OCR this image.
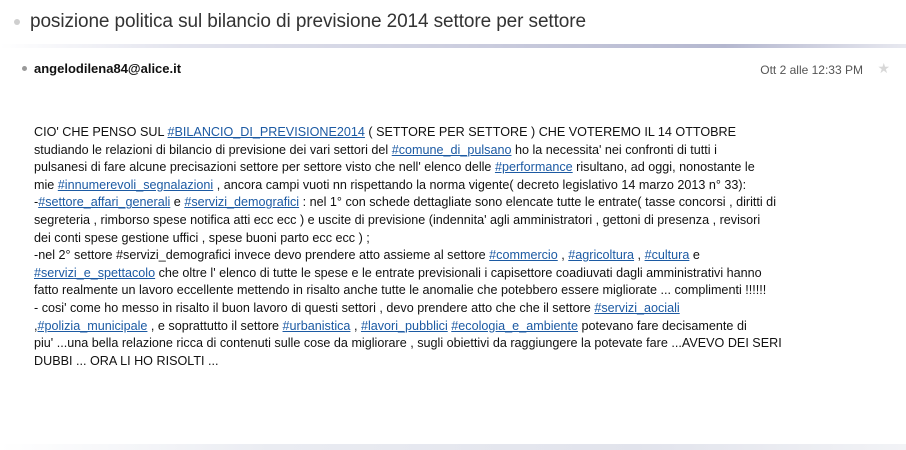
posizione politica sul bilancio di previsione 2014 settore per settore
angelodilena84@alice.it	Ott 2 alle 12:33 PM ★
CIO' CHE PENSO SUL #BILANCIO_DI_PREVISIONE2014 ( SETTORE PER SETTORE ) CHE VOTEREMO IL 14 OTTOBRE
studiando le relazioni di bilancio di previsione dei vari settori del #comune_di_pulsano ho la necessita' nei confronti di tutti i
pulsanesi di fare alcune precisazioni settore per settore visto che nell' elenco delle #performance risultano, ad oggi, nonostante le
mie #innumerevoli_segnalazioni , ancora campi vuoti nn rispettando la norma vigente( decreto legislativo 14 marzo 2013 n° 33):
-#settore_affari_generali e #servizi_demografici : nel 1° con schede dettagliate sono elencate tutte le entrate( tasse concorsi , diritti di
segreteria , rimborso spese notifica atti ecc ecc ) e uscite di previsione (indennita' agli amministratori , gettoni di presenza , revisori
dei conti spese gestione uffici , spese buoni parto ecc ecc ) ;
-nel 2° settore #servizi_demografici invece devo prendere atto assieme al settore #commercio , #agricoltura , #cultura e
#servizi_e_spettacolo che oltre l' elenco di tutte le spese e le entrate previsionali i capisettore coadiuvati dagli amministrativi hanno
fatto realmente un lavoro eccellente mettendo in risalto anche tutte le anomalie che potebbero essere migliorate ... complimenti !!!!!!
- cosi' come ho messo in risalto il buon lavoro di questi settori , devo prendere atto che che il settore #servizi_aociali
,#polizia_municipale , e soprattutto il settore #urbanistica , #lavori_pubblici #ecologia_e_ambiente potevano fare decisamente di
piu' ...una bella relazione ricca di contenuti sulle cose da migliorare , sugli obiettivi da raggiungere la potevate fare ...AVEVO DEI SERI
DUBBI ... ORA LI HO RISOLTI ...
